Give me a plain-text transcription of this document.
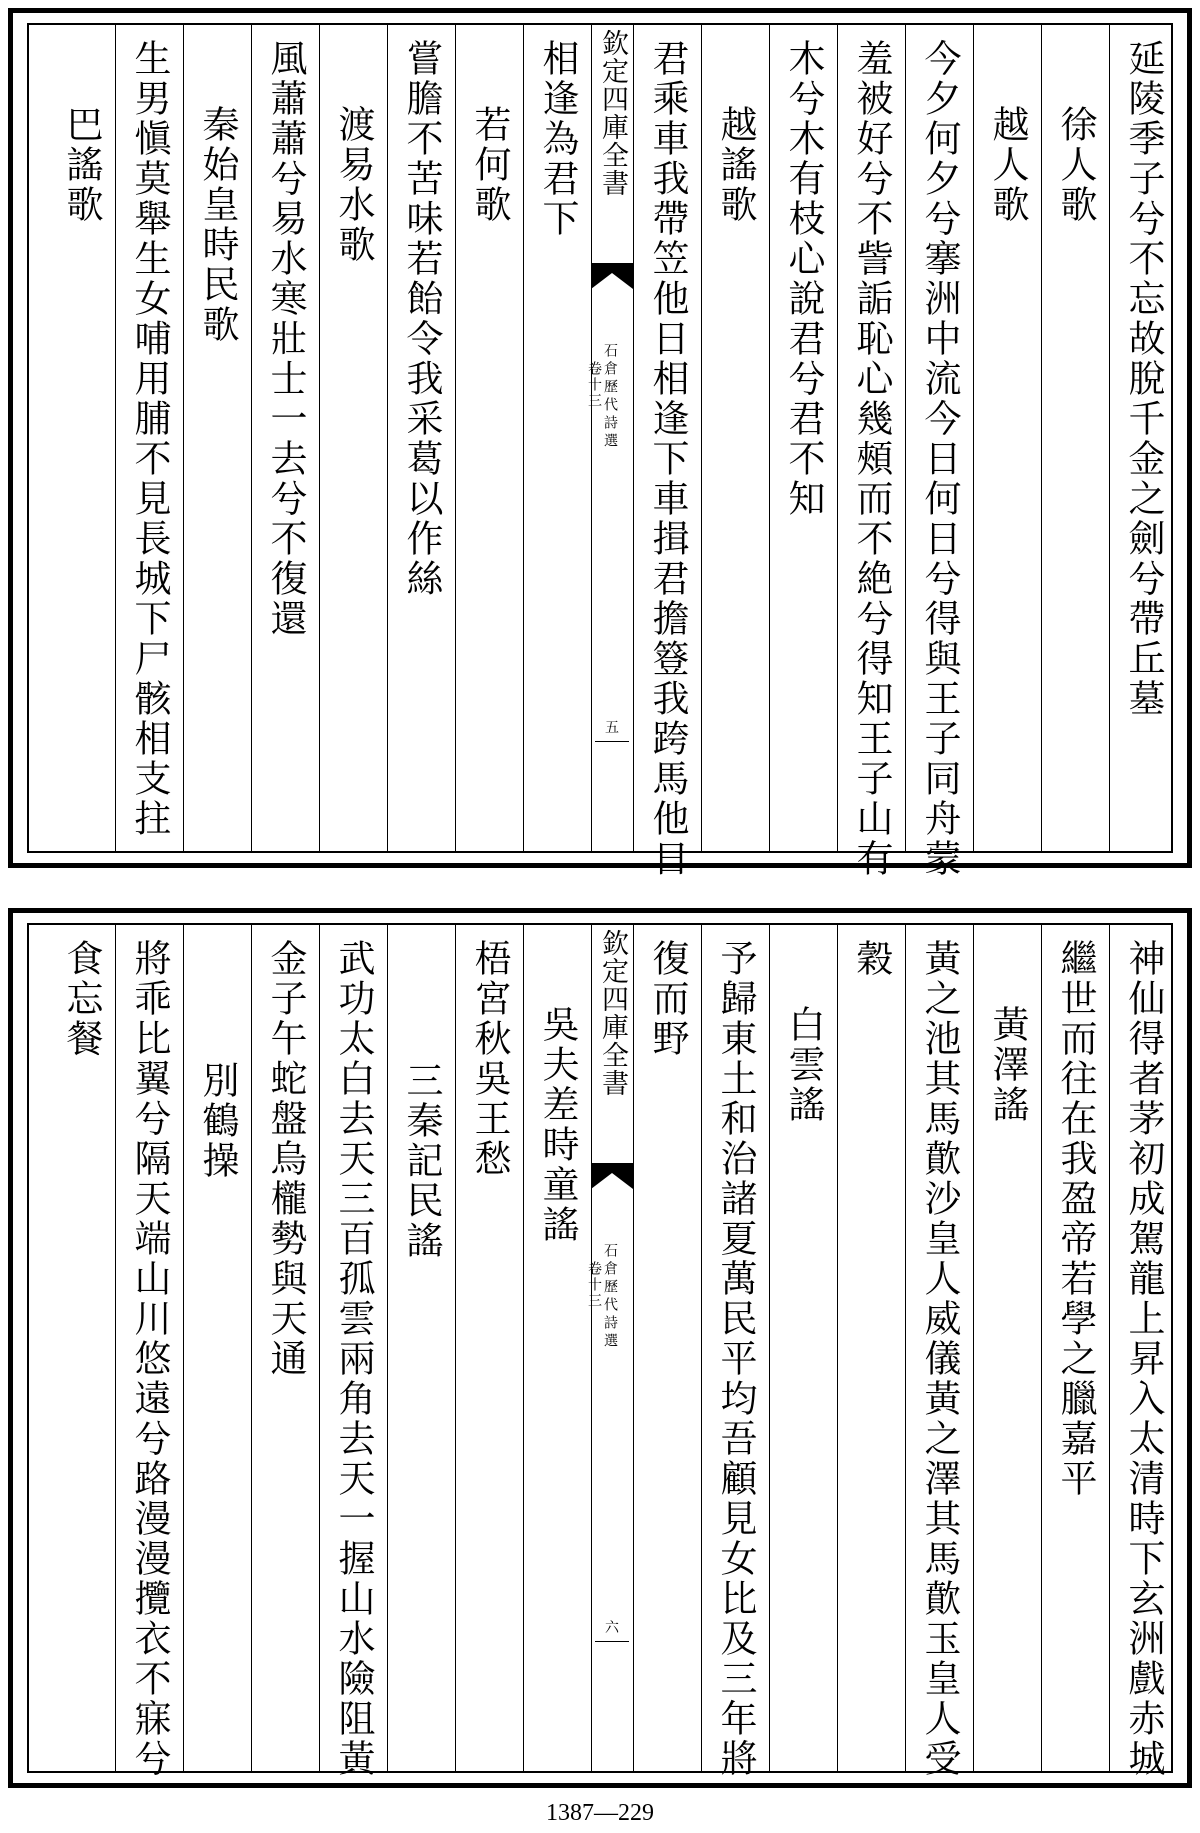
延陵季子兮不忘故脫千金之劍兮帶丘墓
徐人歌
越人歌
今夕何夕兮搴洲中流今日何日兮得與王子同舟蒙
羞被好兮不訾詬恥心幾頰而不絶兮得知王子山有
木兮木有枝心說君兮君不知
越謠歌
君乘車我帶笠他日相逢下車揖君擔簦我跨馬他日
欽定四庫全書
石倉歷代詩選
卷十三
五
相逢為君下
若何歌
嘗膽不苦味若飴令我采葛以作絲
渡易水歌
風蕭蕭兮易水寒壯士一去兮不復還
秦始皇時民歌
生男愼莫舉生女哺用脯不見長城下尸骸相支拄
巴謠歌
神仙得者茅初成駕龍上昇入太清時下玄洲戲赤城
繼世而往在我盈帝若學之臘嘉平
黃澤謠
黃之池其馬歕沙皇人威儀黃之澤其馬歕玉皇人受
穀
白雲謠
予歸東土和治諸夏萬民平均吾顧見女比及三年將
復而野
欽定四庫全書
石倉歷代詩選
卷十三
六
吳夫差時童謠
梧宮秋吳王愁
三秦記民謠
武功太白去天三百孤雲兩角去天一握山水險阻黃
金子午蛇盤烏櫳勢與天通
別鶴操
將乖比翼兮隔天端山川悠遠兮路漫漫攬衣不寐兮
食忘餐
1387—229
